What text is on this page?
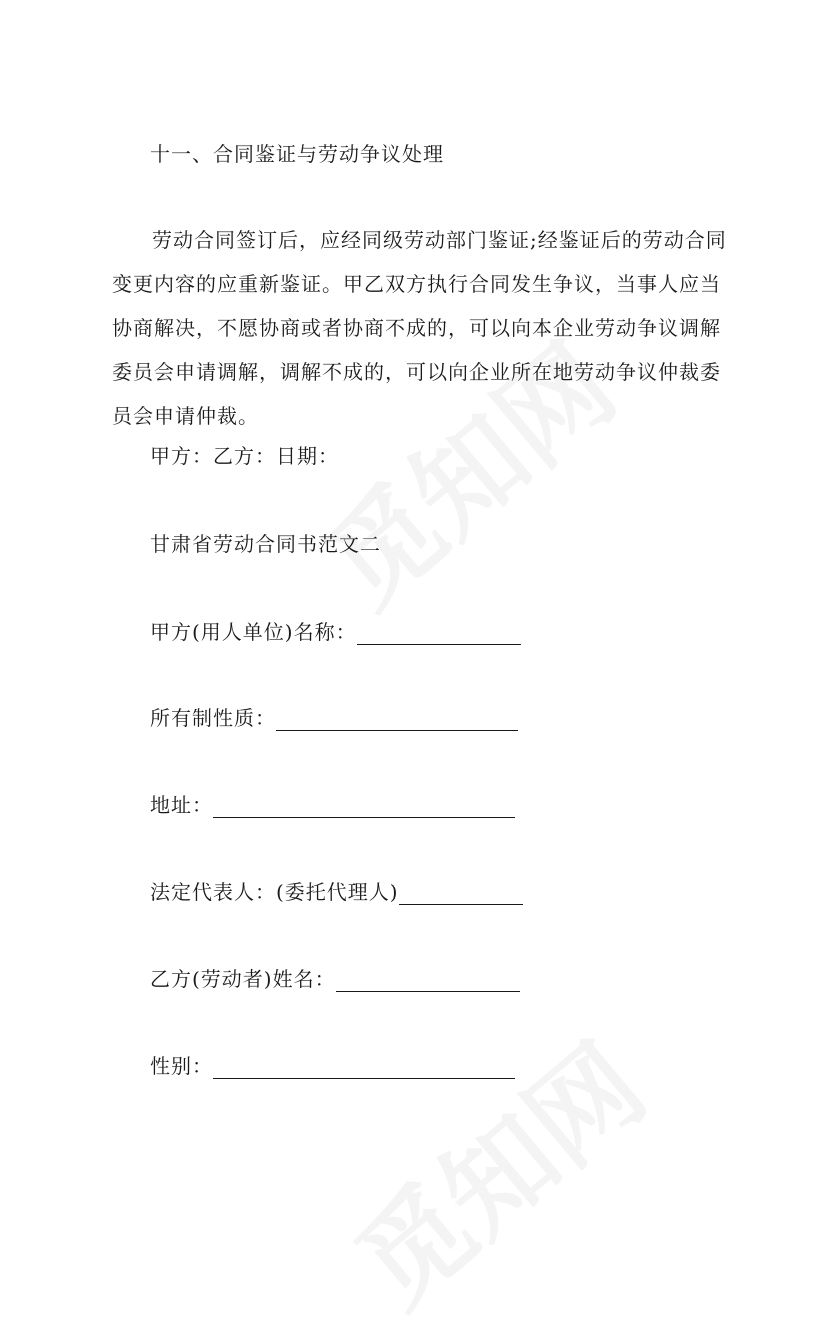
十一、合同鉴证与劳动争议处理

劳动合同签订后，应经同级劳动部门鉴证;经鉴证后的劳动合同变更内容的应重新鉴证。甲乙双方执行合同发生争议，当事人应当协商解决，不愿协商或者协商不成的，可以向本企业劳动争议调解委员会申请调解，调解不成的，可以向企业所在地劳动争议仲裁委员会申请仲裁。

甲方：乙方：日期：
甘肃省劳动合同书范文二
甲方(用人单位)名称：
所有制性质：
地址：
法定代表人：(委托代理人)
乙方(劳动者)姓名：
性别：
